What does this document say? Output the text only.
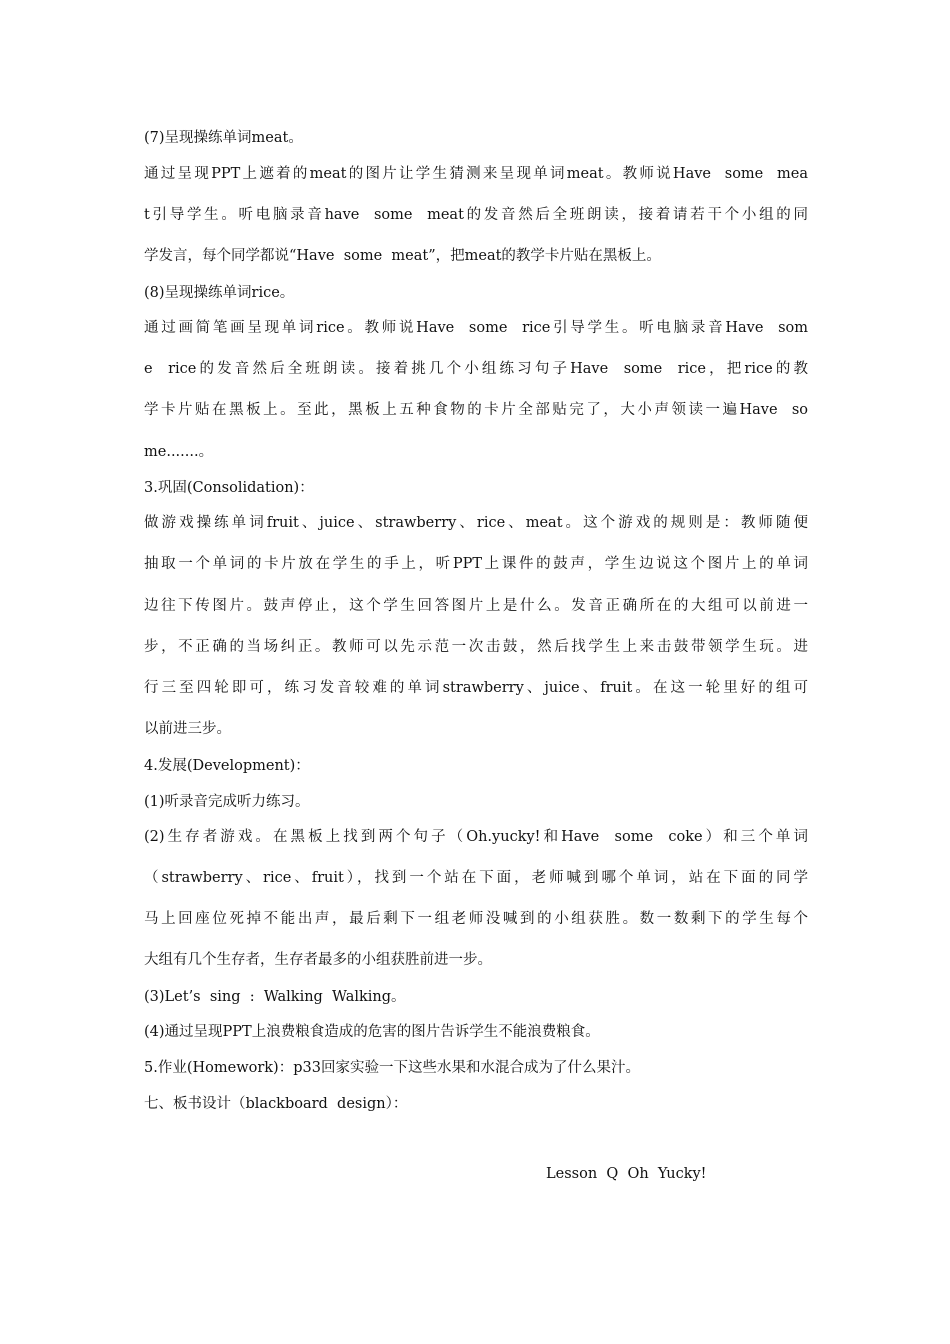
(7)呈现操练单词meat。
通过呈现PPT上遮着的meat的图片让学生猜测来呈现单词meat。教师说Have  some  mea
t引导学生。听电脑录音have  some  meat的发音然后全班朗读，接着请若干个小组的同
学发言，每个同学都说“Have  some  meat”，把meat的教学卡片贴在黑板上。
(8)呈现操练单词rice。
通过画简笔画呈现单词rice。教师说Have  some  rice引导学生。听电脑录音Have  som
e  rice的发音然后全班朗读。接着挑几个小组练习句子Have  some  rice，把rice的教
学卡片贴在黑板上。至此，黑板上五种食物的卡片全部贴完了，大小声领读一遍Have  so
me.......。
3.巩固(Consolidation)：
做游戏操练单词fruit、juice、strawberry、rice、meat。这个游戏的规则是：教师随便
抽取一个单词的卡片放在学生的手上，听PPT上课件的鼓声，学生边说这个图片上的单词
边往下传图片。鼓声停止，这个学生回答图片上是什么。发音正确所在的大组可以前进一
步，不正确的当场纠正。教师可以先示范一次击鼓，然后找学生上来击鼓带领学生玩。进
行三至四轮即可，练习发音较难的单词strawberry、juice、fruit。在这一轮里好的组可
以前进三步。
4.发展(Development)：
(1)听录音完成听力练习。
(2)生存者游戏。在黑板上找到两个句子（Oh.yucky!和Have  some  coke）和三个单词
（strawberry、rice、fruit），找到一个站在下面，老师喊到哪个单词，站在下面的同学
马上回座位死掉不能出声，最后剩下一组老师没喊到的小组获胜。数一数剩下的学生每个
大组有几个生存者，生存者最多的小组获胜前进一步。
(3)Let’s  sing  :  Walking  Walking。
(4)通过呈现PPT上浪费粮食造成的危害的图片告诉学生不能浪费粮食。
5.作业(Homework)：p33回家实验一下这些水果和水混合成为了什么果汁。
七、板书设计（blackboard  design）：
Lesson  Q  Oh  Yucky!
